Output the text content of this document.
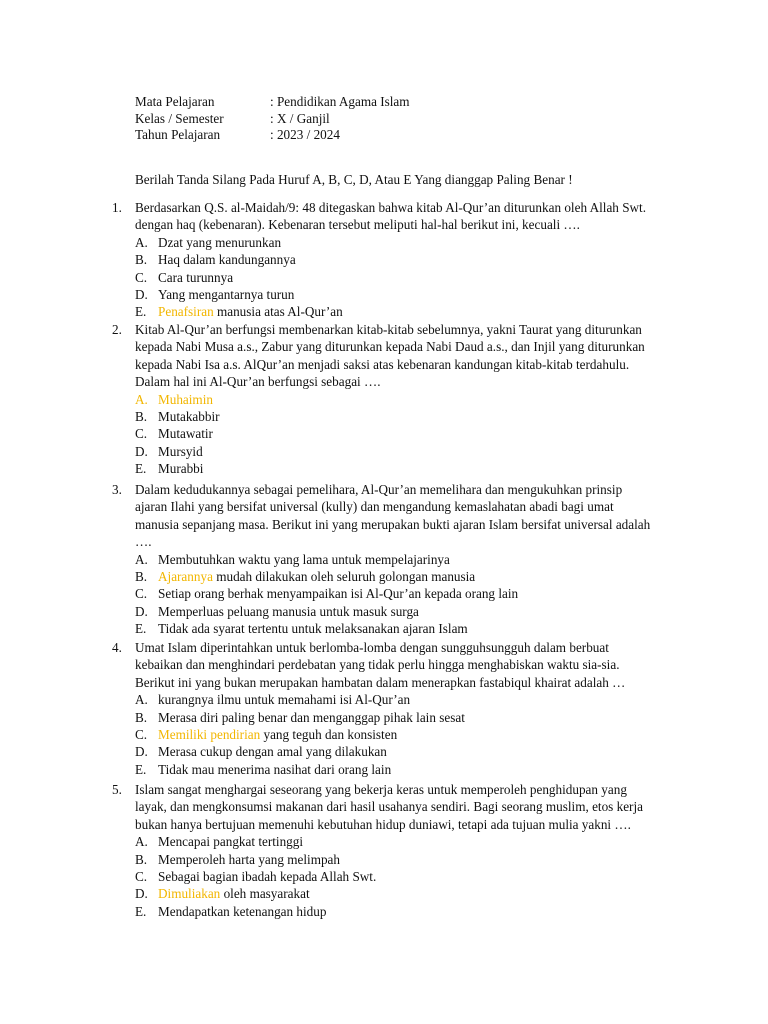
Mata Pelajaran	: Pendidikan Agama Islam
Kelas / Semester	: X / Ganjil
Tahun Pelajaran	: 2023 / 2024
Berilah Tanda Silang Pada Huruf A, B, C, D, Atau E Yang dianggap Paling Benar !
1. Berdasarkan Q.S. al-Maidah/9: 48 ditegaskan bahwa kitab Al-Qur’an diturunkan oleh Allah Swt.
dengan haq (kebenaran). Kebenaran tersebut meliputi hal-hal berikut ini, kecuali ….
A. Dzat yang menurunkan
B. Haq dalam kandungannya
C. Cara turunnya
D. Yang mengantarnya turun
E. Penafsiran manusia atas Al-Qur’an
2. Kitab Al-Qur’an berfungsi membenarkan kitab-kitab sebelumnya, yakni Taurat yang diturunkan
kepada Nabi Musa a.s., Zabur yang diturunkan kepada Nabi Daud a.s., dan Injil yang diturunkan
kepada Nabi Isa a.s. AlQur’an menjadi saksi atas kebenaran kandungan kitab-kitab terdahulu.
Dalam hal ini Al-Qur’an berfungsi sebagai ….
A. Muhaimin
B. Mutakabbir
C. Mutawatir
D. Mursyid
E. Murabbi
3. Dalam kedudukannya sebagai pemelihara, Al-Qur’an memelihara dan mengukuhkan prinsip
ajaran Ilahi yang bersifat universal (kully) dan mengandung kemaslahatan abadi bagi umat
manusia sepanjang masa. Berikut ini yang merupakan bukti ajaran Islam bersifat universal adalah
….
A. Membutuhkan waktu yang lama untuk mempelajarinya
B. Ajarannya mudah dilakukan oleh seluruh golongan manusia
C. Setiap orang berhak menyampaikan isi Al-Qur’an kepada orang lain
D. Memperluas peluang manusia untuk masuk surga
E. Tidak ada syarat tertentu untuk melaksanakan ajaran Islam
4. Umat Islam diperintahkan untuk berlomba-lomba dengan sungguhsungguh dalam berbuat
kebaikan dan menghindari perdebatan yang tidak perlu hingga menghabiskan waktu sia-sia.
Berikut ini yang bukan merupakan hambatan dalam menerapkan fastabiqul khairat adalah …
A. kurangnya ilmu untuk memahami isi Al-Qur’an
B. Merasa diri paling benar dan menganggap pihak lain sesat
C. Memiliki pendirian yang teguh dan konsisten
D. Merasa cukup dengan amal yang dilakukan
E. Tidak mau menerima nasihat dari orang lain
5. Islam sangat menghargai seseorang yang bekerja keras untuk memperoleh penghidupan yang
layak, dan mengkonsumsi makanan dari hasil usahanya sendiri. Bagi seorang muslim, etos kerja
bukan hanya bertujuan memenuhi kebutuhan hidup duniawi, tetapi ada tujuan mulia yakni ….
A. Mencapai pangkat tertinggi
B. Memperoleh harta yang melimpah
C. Sebagai bagian ibadah kepada Allah Swt.
D. Dimuliakan oleh masyarakat
E. Mendapatkan ketenangan hidup
